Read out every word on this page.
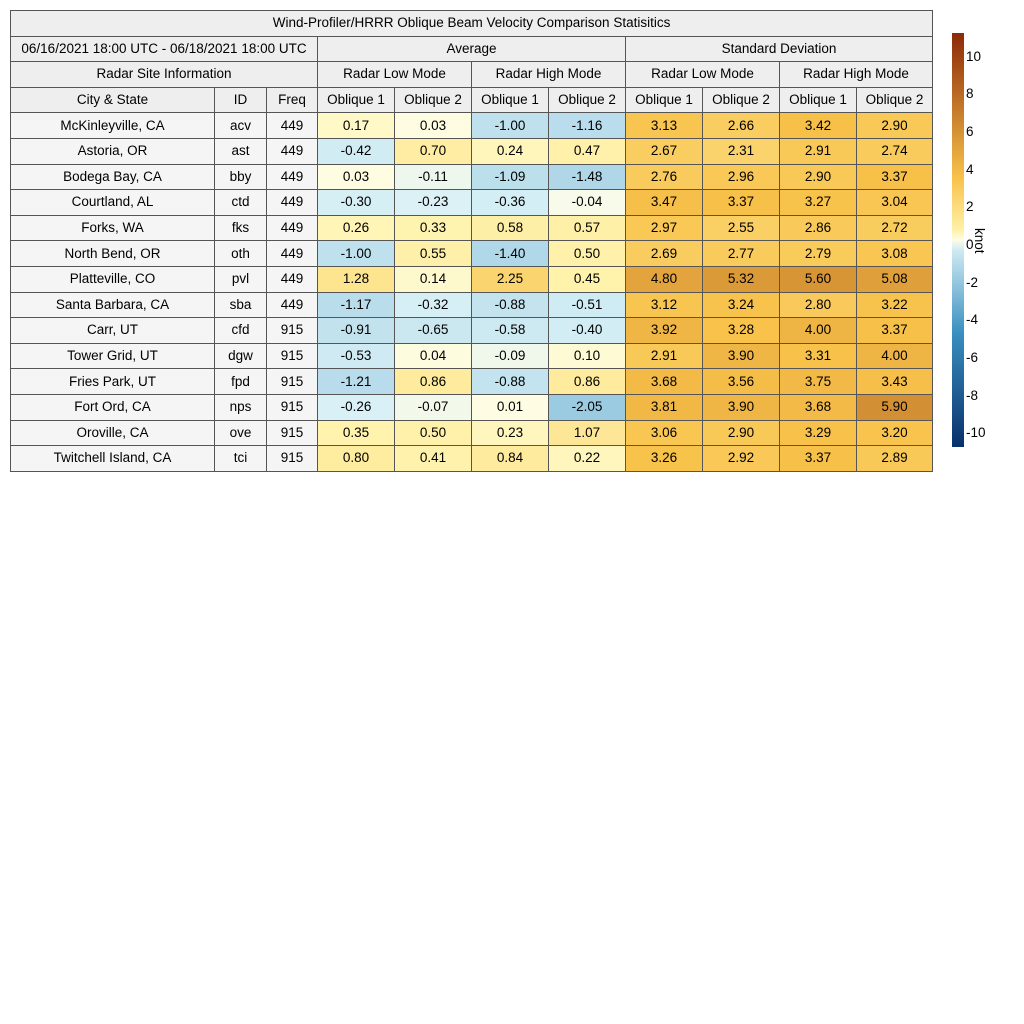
Wind-Profiler/HRRR Oblique Beam Velocity Comparison Statisitics										
06/16/2021 18:00 UTC - 06/18/2021 18:00 UTC			Average				Standard Deviation			
Radar Site Information			Radar Low Mode		Radar High Mode		Radar Low Mode		Radar High Mode	
City & State	ID	Freq	Oblique 1	Oblique 2	Oblique 1	Oblique 2	Oblique 1	Oblique 2	Oblique 1	Oblique 2
McKinleyville, CA	acv	449	0.17	0.03	-1.00	-1.16	3.13	2.66	3.42	2.90
Astoria, OR	ast	449	-0.42	0.70	0.24	0.47	2.67	2.31	2.91	2.74
Bodega Bay, CA	bby	449	0.03	-0.11	-1.09	-1.48	2.76	2.96	2.90	3.37
Courtland, AL	ctd	449	-0.30	-0.23	-0.36	-0.04	3.47	3.37	3.27	3.04
Forks, WA	fks	449	0.26	0.33	0.58	0.57	2.97	2.55	2.86	2.72
North Bend, OR	oth	449	-1.00	0.55	-1.40	0.50	2.69	2.77	2.79	3.08
Platteville, CO	pvl	449	1.28	0.14	2.25	0.45	4.80	5.32	5.60	5.08
Santa Barbara, CA	sba	449	-1.17	-0.32	-0.88	-0.51	3.12	3.24	2.80	3.22
Carr, UT	cfd	915	-0.91	-0.65	-0.58	-0.40	3.92	3.28	4.00	3.37
Tower Grid, UT	dgw	915	-0.53	0.04	-0.09	0.10	2.91	3.90	3.31	4.00
Fries Park, UT	fpd	915	-1.21	0.86	-0.88	0.86	3.68	3.56	3.75	3.43
Fort Ord, CA	nps	915	-0.26	-0.07	0.01	-2.05	3.81	3.90	3.68	5.90
Oroville, CA	ove	915	0.35	0.50	0.23	1.07	3.06	2.90	3.29	3.20
Twitchell Island, CA	tci	915	0.80	0.41	0.84	0.22	3.26	2.92	3.37	2.89
10
8
6
4
2
0
-2
-4
-6
-8
-10
knot
